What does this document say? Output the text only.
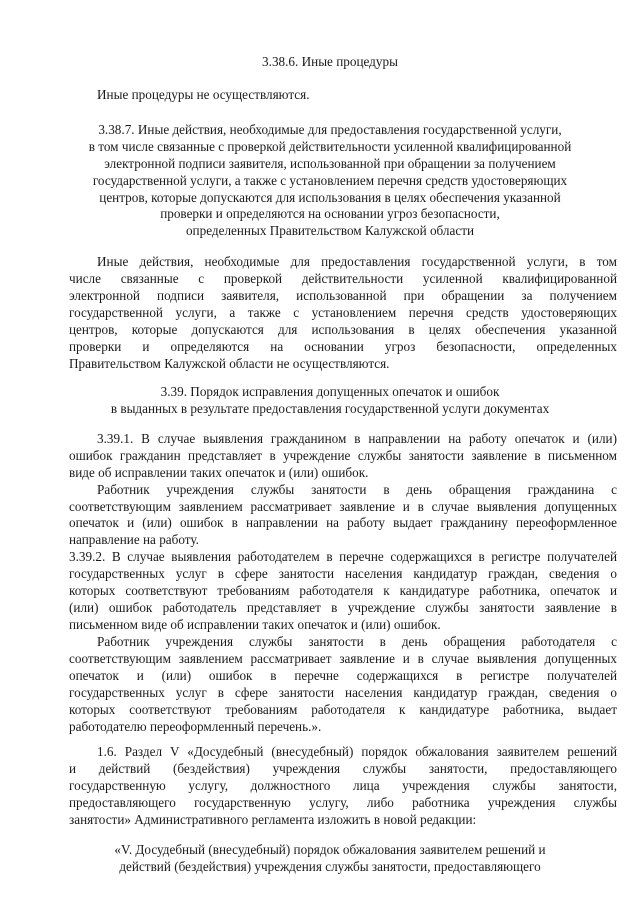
3.38.6. Иные процедуры
Иные процедуры не осуществляются.
3.38.7. Иные действия, необходимые для предоставления государственной услуги,
в том числе связанные с проверкой действительности усиленной квалифицированной
электронной подписи заявителя, использованной при обращении за получением
государственной услуги, а также с установлением перечня средств удостоверяющих
центров, которые допускаются для использования в целях обеспечения указанной
проверки и определяются на основании угроз безопасности,
определенных Правительством Калужской области
Иные действия, необходимые для предоставления государственной услуги, в том
числе связанные с проверкой действительности усиленной квалифицированной
электронной подписи заявителя, использованной при обращении за получением
государственной услуги, а также с установлением перечня средств удостоверяющих
центров, которые допускаются для использования в целях обеспечения указанной
проверки и определяются на основании угроз безопасности, определенных
Правительством Калужской области не осуществляются.
3.39. Порядок исправления допущенных опечаток и ошибок
в выданных в результате предоставления государственной услуги документах
3.39.1. В случае выявления гражданином в направлении на работу опечаток и (или)
ошибок гражданин представляет в учреждение службы занятости заявление в письменном
виде об исправлении таких опечаток и (или) ошибок.
Работник учреждения службы занятости в день обращения гражданина с
соответствующим заявлением рассматривает заявление и в случае выявления допущенных
опечаток и (или) ошибок в направлении на работу выдает гражданину переоформленное
направление на работу.
3.39.2. В случае выявления работодателем в перечне содержащихся в регистре получателей
государственных услуг в сфере занятости населения кандидатур граждан, сведения о
которых соответствуют требованиям работодателя к кандидатуре работника, опечаток и
(или) ошибок работодатель представляет в учреждение службы занятости заявление в
письменном виде об исправлении таких опечаток и (или) ошибок.
Работник учреждения службы занятости в день обращения работодателя с
соответствующим заявлением рассматривает заявление и в случае выявления допущенных
опечаток и (или) ошибок в перечне содержащихся в регистре получателей
государственных услуг в сфере занятости населения кандидатур граждан, сведения о
которых соответствуют требованиям работодателя к кандидатуре работника, выдает
работодателю переоформленный перечень.».
1.6. Раздел V «Досудебный (внесудебный) порядок обжалования заявителем решений
и действий (бездействия) учреждения службы занятости, предоставляющего
государственную услугу, должностного лица учреждения службы занятости,
предоставляющего государственную услугу, либо работника учреждения службы
занятости» Административного регламента изложить в новой редакции:
«V. Досудебный (внесудебный) порядок обжалования заявителем решений и
действий (бездействия) учреждения службы занятости, предоставляющего
